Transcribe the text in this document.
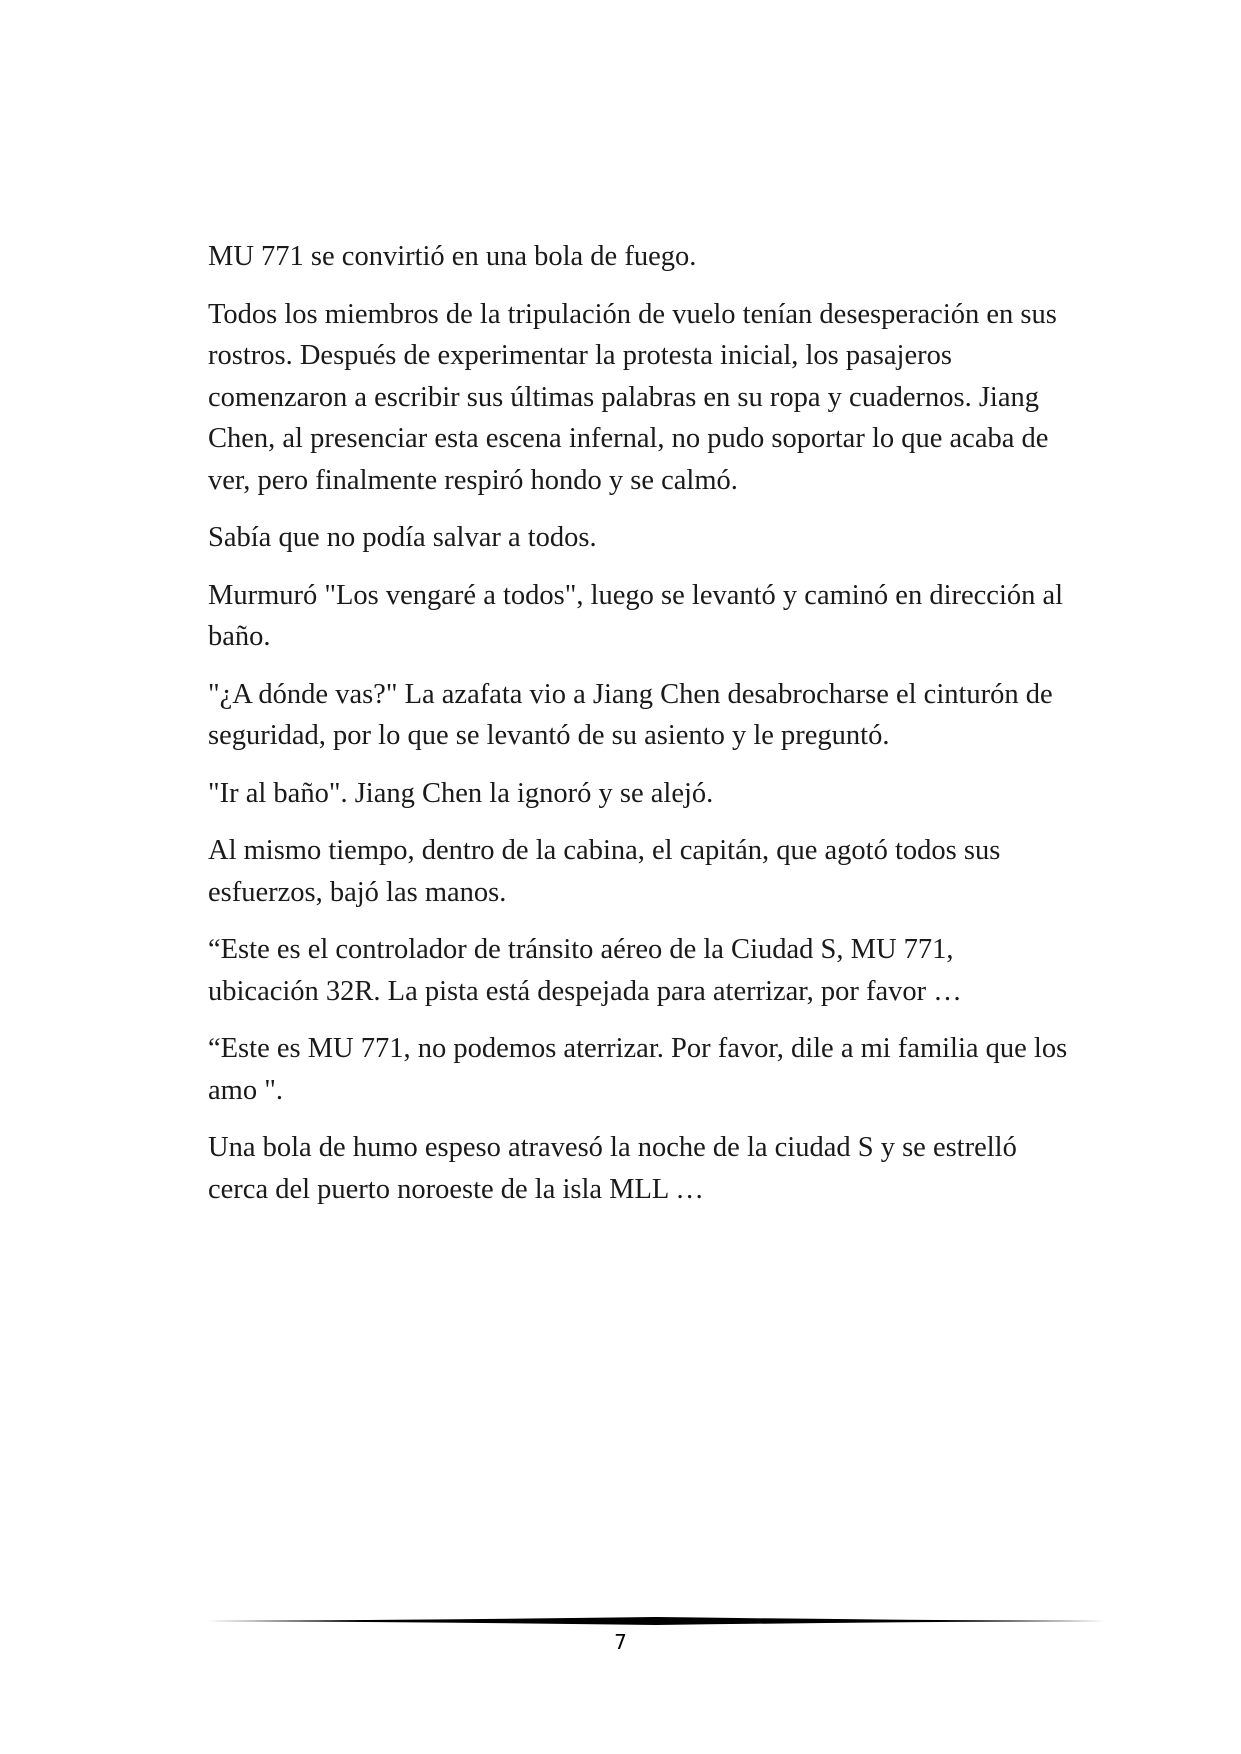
MU 771 se convirtió en una bola de fuego.

Todos los miembros de la tripulación de vuelo tenían desesperación en sus rostros. Después de experimentar la protesta inicial, los pasajeros comenzaron a escribir sus últimas palabras en su ropa y cuadernos. Jiang Chen, al presenciar esta escena infernal, no pudo soportar lo que acaba de ver, pero finalmente respiró hondo y se calmó.

Sabía que no podía salvar a todos.

Murmuró "Los vengaré a todos", luego se levantó y caminó en dirección al baño.

"¿A dónde vas?" La azafata vio a Jiang Chen desabrocharse el cinturón de seguridad, por lo que se levantó de su asiento y le preguntó.

"Ir al baño". Jiang Chen la ignoró y se alejó.

Al mismo tiempo, dentro de la cabina, el capitán, que agotó todos sus esfuerzos, bajó las manos.

“Este es el controlador de tránsito aéreo de la Ciudad S, MU 771, ubicación 32R. La pista está despejada para aterrizar, por favor …

“Este es MU 771, no podemos aterrizar. Por favor, dile a mi familia que los amo ".

Una bola de humo espeso atravesó la noche de la ciudad S y se estrelló cerca del puerto noroeste de la isla MLL …

7
